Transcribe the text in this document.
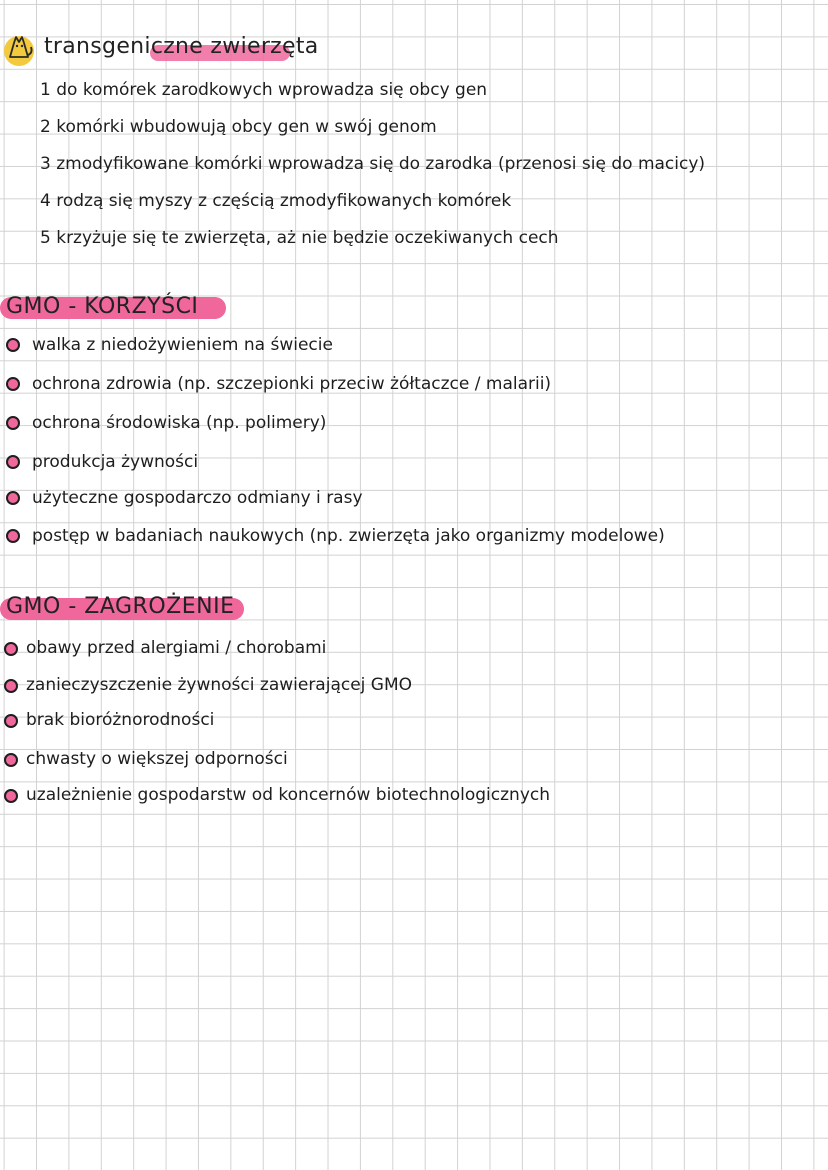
transgeniczne zwierzęta
1 do komórek zarodkowych wprowadza się obcy gen
2 komórki wbudowują obcy gen w swój genom
3 zmodyfikowane komórki wprowadza się do zarodka (przenosi się do macicy)
4 rodzą się myszy z częścią zmodyfikowanych komórek
5 krzyżuje się te zwierzęta, aż nie będzie oczekiwanych cech
GMO - KORZYŚCI
walka z niedożywieniem na świecie
ochrona zdrowia (np. szczepionki przeciw żółtaczce / malarii)
ochrona środowiska (np. polimery)
produkcja żywności
użyteczne gospodarczo odmiany i rasy
postęp w badaniach naukowych (np. zwierzęta jako organizmy modelowe)
GMO - ZAGROŻENIE
obawy przed alergiami / chorobami
zanieczyszczenie żywności zawierającej GMO
brak bioróżnorodności
chwasty o większej odporności
uzależnienie gospodarstw od koncernów biotechnologicznych
